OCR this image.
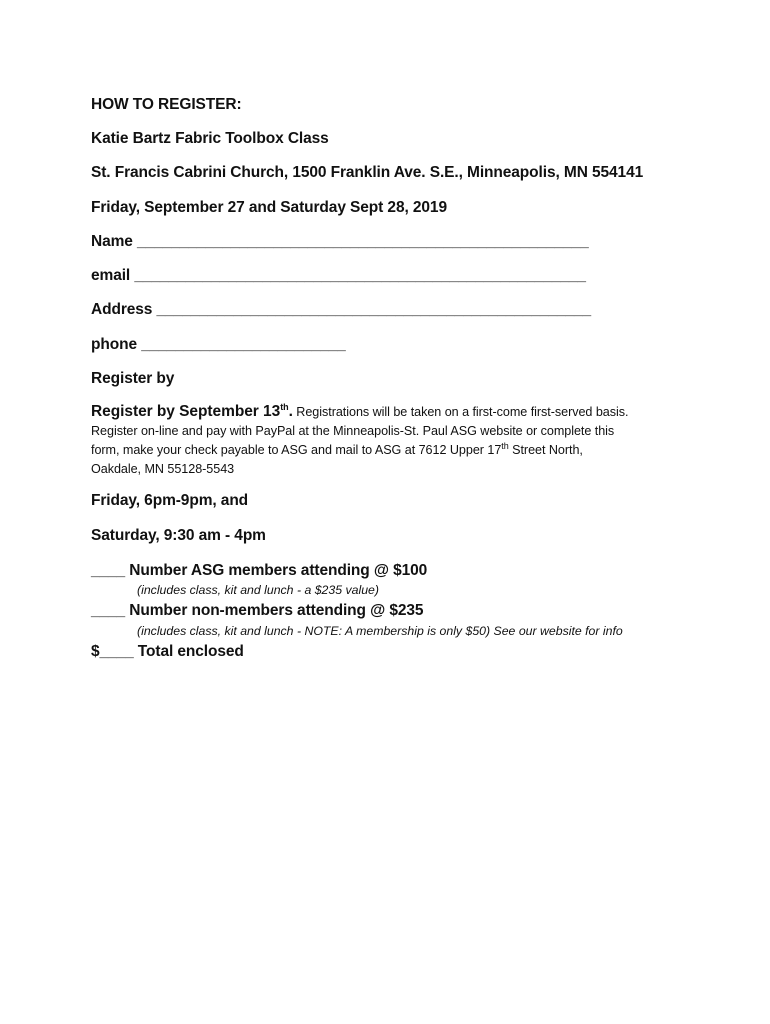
HOW TO REGISTER:
Katie Bartz Fabric Toolbox Class
St. Francis Cabrini Church, 1500 Franklin Ave. S.E., Minneapolis, MN 554141
Friday, September 27 and Saturday Sept 28, 2019
Name _____________________________________________________
email _____________________________________________________
Address ___________________________________________________
phone ________________________
Register by
Register by September 13th. Registrations will be taken on a first-come first-served basis.
Register on-line and pay with PayPal at the Minneapolis-St. Paul ASG website or complete this
form, make your check payable to ASG and mail to ASG at 7612 Upper 17th Street North,
Oakdale, MN 55128-5543
Friday, 6pm-9pm, and
Saturday, 9:30 am - 4pm
____ Number ASG members attending @ $100
(includes class, kit and lunch - a $235 value)
____ Number non-members attending @ $235
(includes class, kit and lunch - NOTE: A membership is only $50) See our website for info
$____ Total enclosed
